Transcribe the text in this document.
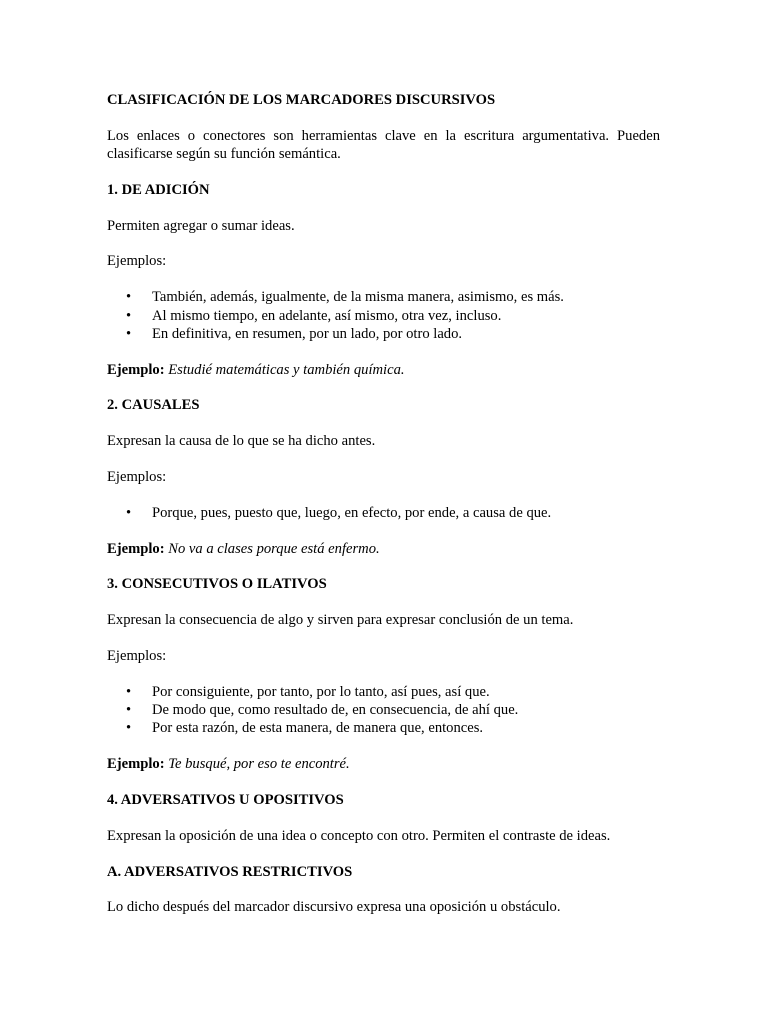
CLASIFICACIÓN DE LOS MARCADORES DISCURSIVOS

Los enlaces o conectores son herramientas clave en la escritura argumentativa. Pueden clasificarse según su función semántica.

1. DE ADICIÓN

Permiten agregar o sumar ideas.

Ejemplos:

• También, además, igualmente, de la misma manera, asimismo, es más.
• Al mismo tiempo, en adelante, así mismo, otra vez, incluso.
• En definitiva, en resumen, por un lado, por otro lado.

Ejemplo: Estudié matemáticas y también química.

2. CAUSALES

Expresan la causa de lo que se ha dicho antes.

Ejemplos:

• Porque, pues, puesto que, luego, en efecto, por ende, a causa de que.

Ejemplo: No va a clases porque está enfermo.

3. CONSECUTIVOS O ILATIVOS

Expresan la consecuencia de algo y sirven para expresar conclusión de un tema.

Ejemplos:

• Por consiguiente, por tanto, por lo tanto, así pues, así que.
• De modo que, como resultado de, en consecuencia, de ahí que.
• Por esta razón, de esta manera, de manera que, entonces.

Ejemplo: Te busqué, por eso te encontré.

4. ADVERSATIVOS U OPOSITIVOS

Expresan la oposición de una idea o concepto con otro. Permiten el contraste de ideas.

A. ADVERSATIVOS RESTRICTIVOS

Lo dicho después del marcador discursivo expresa una oposición u obstáculo.
